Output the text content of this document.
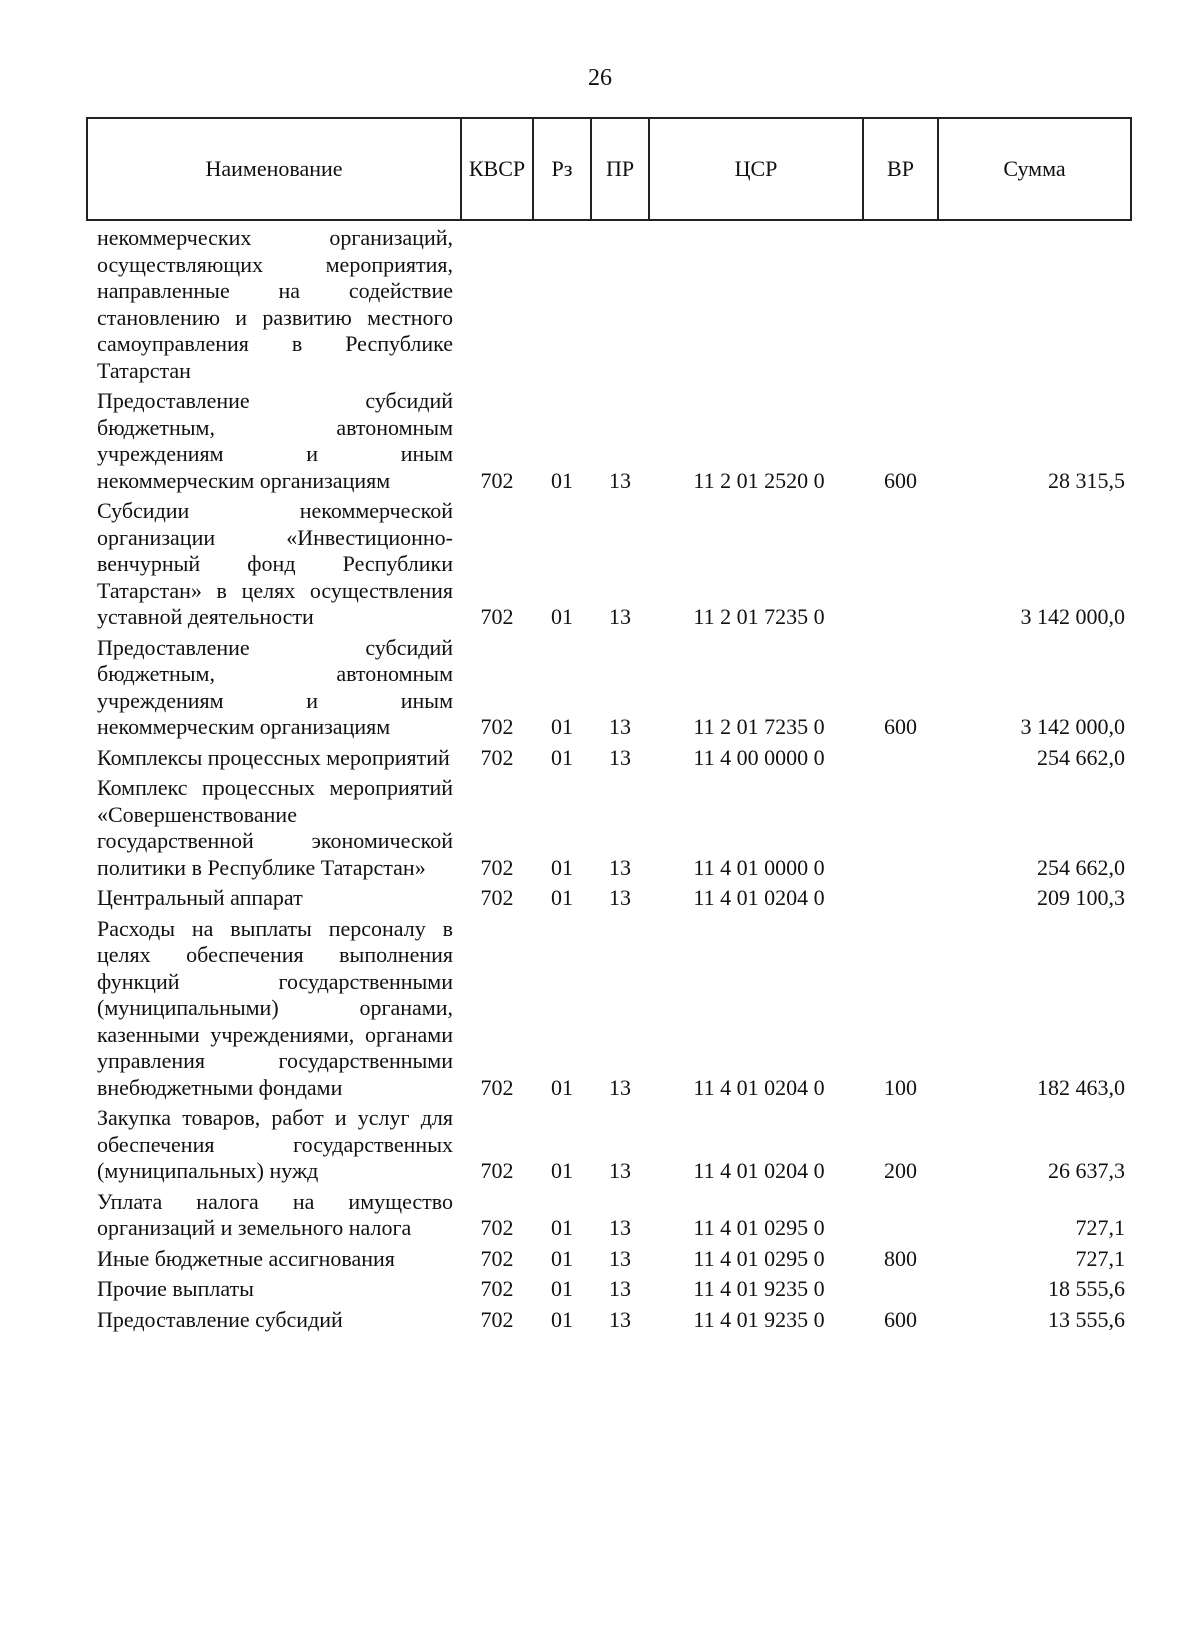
26
Наименование	КВСР	Рз	ПР	ЦСР	ВР	Сумма
некоммерческих организаций, осуществляющих мероприятия, направленные на содействие становлению и развитию местного самоуправления в Республике Татарстан						
Предоставление субсидий бюджетным, автономным учреждениям и иным некоммерческим организациям	702	01	13	11 2 01 2520 0	600	28 315,5
Субсидии некоммерческой организации «Инвестиционно-венчурный фонд Республики Татарстан» в целях осуществления уставной деятельности	702	01	13	11 2 01 7235 0		3 142 000,0
Предоставление субсидий бюджетным, автономным учреждениям и иным некоммерческим организациям	702	01	13	11 2 01 7235 0	600	3 142 000,0
Комплексы процессных мероприятий	702	01	13	11 4 00 0000 0		254 662,0
Комплекс процессных мероприятий «Совершенствование государственной экономической политики в Республике Татарстан»	702	01	13	11 4 01 0000 0		254 662,0
Центральный аппарат	702	01	13	11 4 01 0204 0		209 100,3
Расходы на выплаты персоналу в целях обеспечения выполнения функций государственными (муниципальными) органами, казенными учреждениями, органами управления государственными внебюджетными фондами	702	01	13	11 4 01 0204 0	100	182 463,0
Закупка товаров, работ и услуг для обеспечения государственных (муниципальных) нужд	702	01	13	11 4 01 0204 0	200	26 637,3
Уплата налога на имущество организаций и земельного налога	702	01	13	11 4 01 0295 0		727,1
Иные бюджетные ассигнования	702	01	13	11 4 01 0295 0	800	727,1
Прочие выплаты	702	01	13	11 4 01 9235 0		18 555,6
Предоставление субсидий	702	01	13	11 4 01 9235 0	600	13 555,6
